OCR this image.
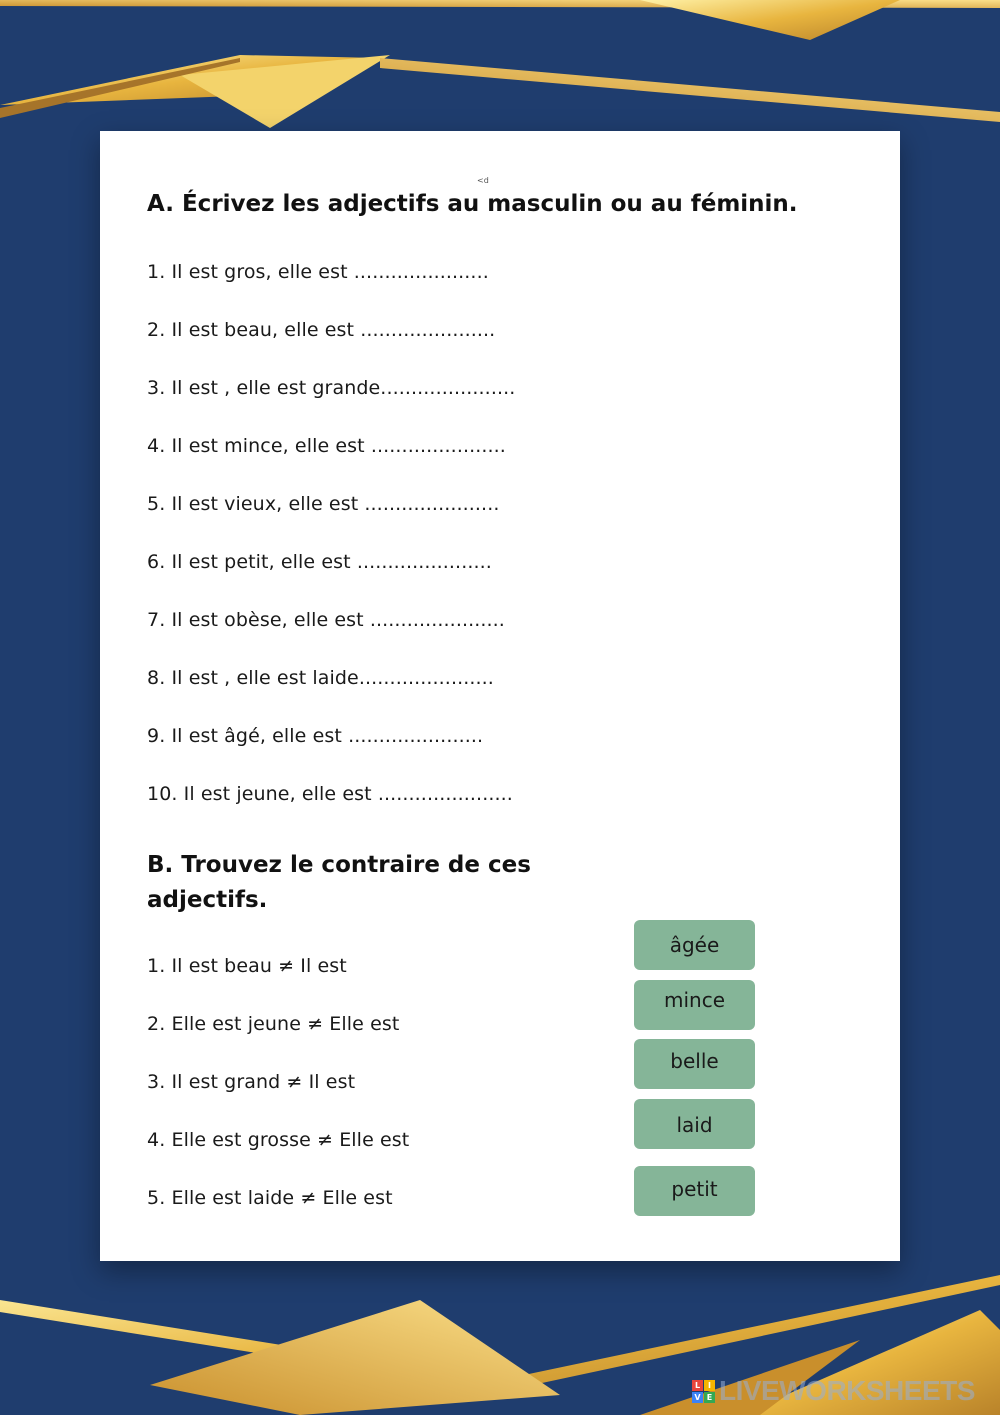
<d
A. Écrivez les adjectifs au masculin ou au féminin.
1. Il est gros, elle est ......................
2. Il est beau, elle est ......................
3. Il est , elle est grande......................
4. Il est mince, elle est ......................
5. Il est vieux, elle est ......................
6. Il est petit, elle est ......................
7. Il est obèse, elle est ......................
8. Il est , elle est laide......................
9. Il est âgé, elle est ......................
10. Il est jeune, elle est ......................
B. Trouvez le contraire de ces
adjectifs.
1. Il est beau ≠ Il est
2. Elle est jeune ≠ Elle est
3. Il est grand ≠ Il est
4. Elle est grosse ≠ Elle est
5. Elle est laide ≠ Elle est
âgée
mince
belle
laid
petit
L I
V E LIVEWORKSHEETS
